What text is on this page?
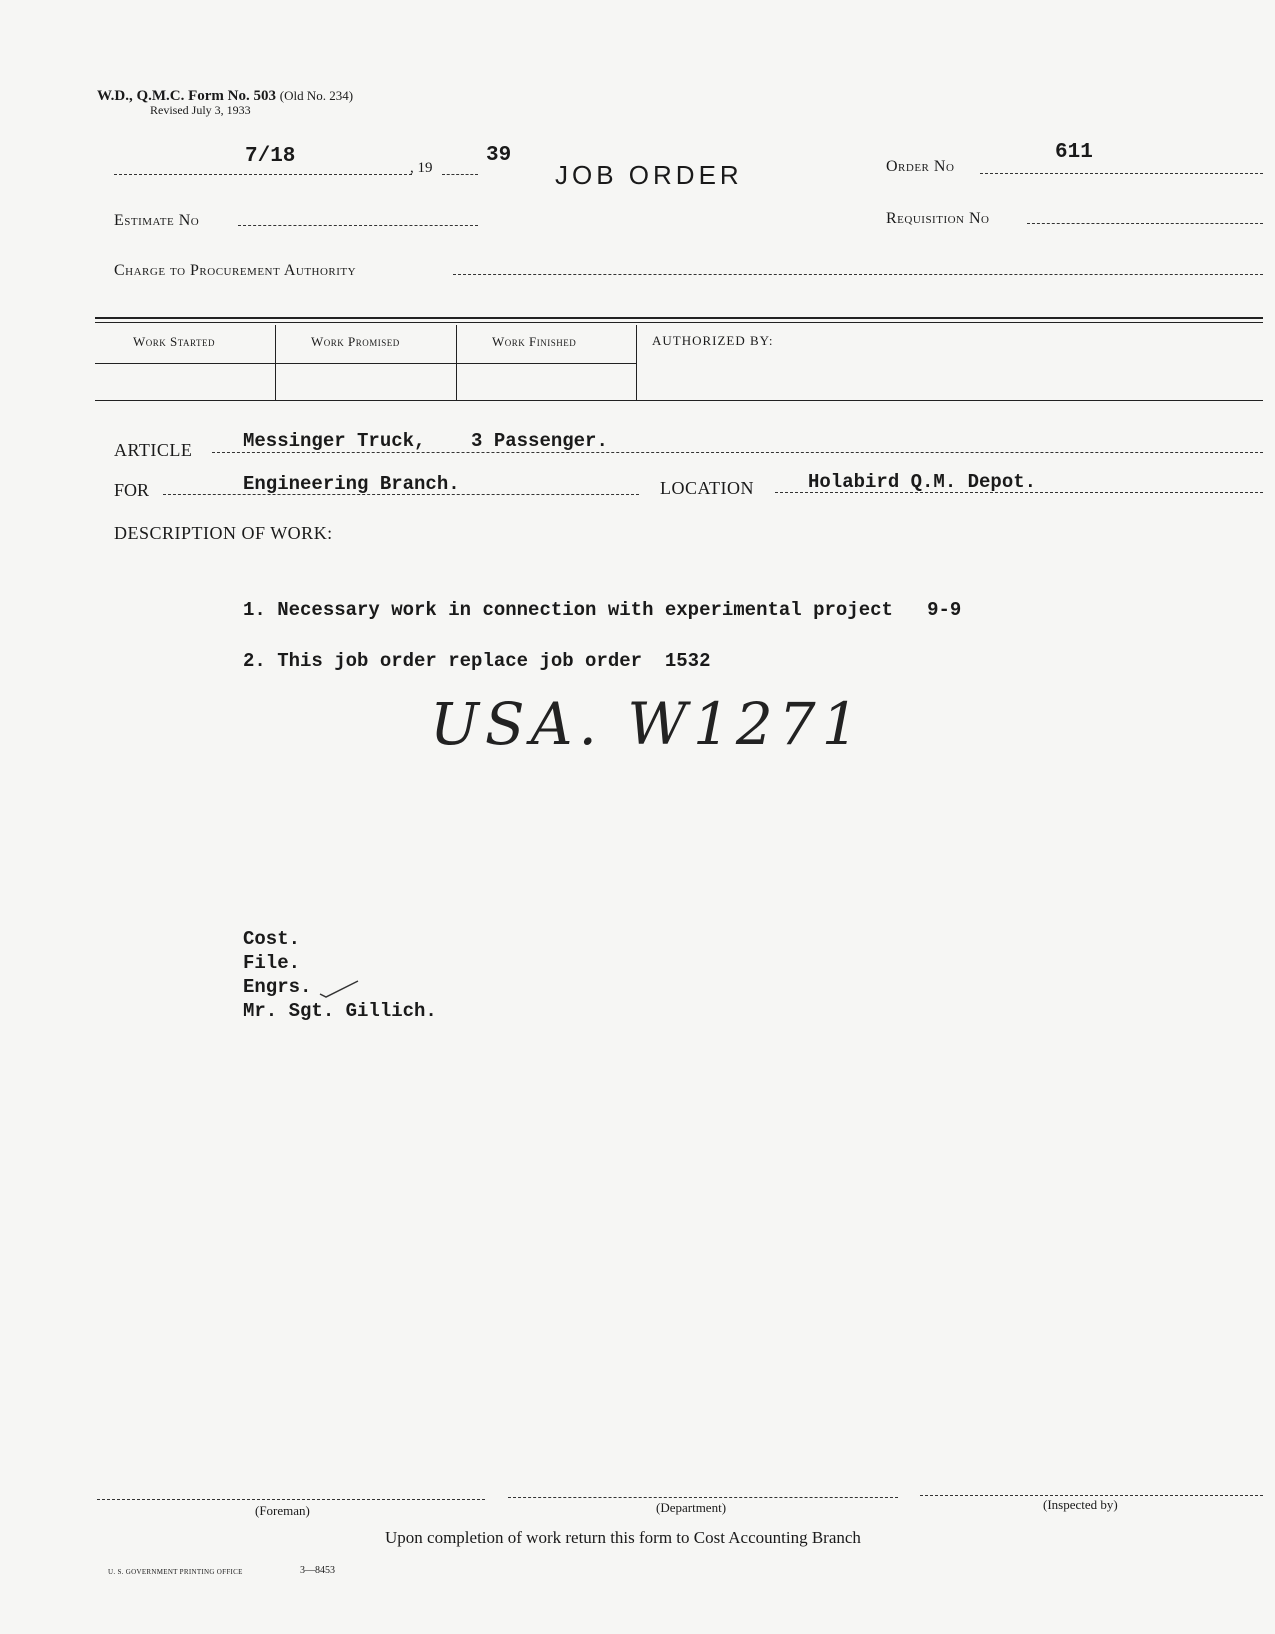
W.D., Q.M.C. Form No. 503 (Old No. 234)
Revised July 3, 1933
7/18	, 19
39
JOB ORDER	Order No
611
Estimate No	Requisition No
Charge to Procurement Authority
Work Started	Work Promised	Work Finished	AUTHORIZED BY:
ARTICLE	Messinger Truck,    3 Passenger.
FOR	Engineering Branch.	LOCATION	Holabird Q.M. Depot.
DESCRIPTION OF WORK:
1. Necessary work in connection with experimental project   9-9
2. This job order replace job order  1532
USA. W1271
Cost.
File.
Engrs.
Mr. Sgt. Gillich.
(Foreman)	(Department)	(Inspected by)
Upon completion of work return this form to Cost Accounting Branch
U. S. GOVERNMENT PRINTING OFFICE	3—8453
